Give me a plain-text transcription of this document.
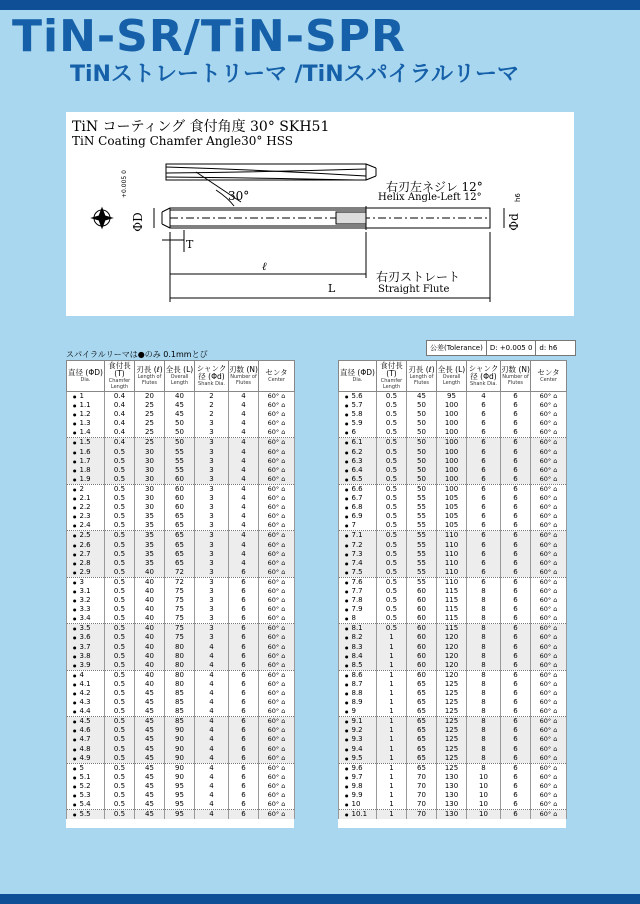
TiN-SR/TiN-SPR
TiNストレートリーマ /TiNスパイラルリーマ
ΦD
+0.005 0
Φd
h6
T
ℓ
L
30°
TiN コーティング 食付角度 30° SKH51
TiN Coating Chamfer Angle30° HSS
右刃左ネジレ 12°
Helix Angle-Left 12°
右刃ストレート
Straight Flute
スパイラルリーマは●のみ 0.1mmとび
公差(Tolerance)	D: +0.005 0	d: h6
直径 (ΦD)
Dia.	食付長 (T)
Chamfer Length	刃長 (ℓ)
Length of Flutes	全長 (L)
Overall Length	シャンク径 (Φd)
Shank Dia.	刃数 (N)
Number of Flutes	センタ
Center

● 1	0.4	20	40	2	4	60° ⌂
● 1.1	0.4	25	45	2	4	60° ⌂
● 1.2	0.4	25	45	2	4	60° ⌂
● 1.3	0.4	25	50	3	4	60° ⌂
● 1.4	0.4	25	50	3	4	60° ⌂
● 1.5	0.4	25	50	3	4	60° ⌂
● 1.6	0.5	30	55	3	4	60° ⌂
● 1.7	0.5	30	55	3	4	60° ⌂
● 1.8	0.5	30	55	3	4	60° ⌂
● 1.9	0.5	30	60	3	4	60° ⌂
● 2	0.5	30	60	3	4	60° ⌂
● 2.1	0.5	30	60	3	4	60° ⌂
● 2.2	0.5	30	60	3	4	60° ⌂
● 2.3	0.5	35	65	3	4	60° ⌂
● 2.4	0.5	35	65	3	4	60° ⌂
● 2.5	0.5	35	65	3	4	60° ⌂
● 2.6	0.5	35	65	3	4	60° ⌂
● 2.7	0.5	35	65	3	4	60° ⌂
● 2.8	0.5	35	65	3	4	60° ⌂
● 2.9	0.5	40	72	3	6	60° ⌂
● 3	0.5	40	72	3	6	60° ⌂
● 3.1	0.5	40	75	3	6	60° ⌂
● 3.2	0.5	40	75	3	6	60° ⌂
● 3.3	0.5	40	75	3	6	60° ⌂
● 3.4	0.5	40	75	3	6	60° ⌂
● 3.5	0.5	40	75	3	6	60° ⌂
● 3.6	0.5	40	75	3	6	60° ⌂
● 3.7	0.5	40	80	4	6	60° ⌂
● 3.8	0.5	40	80	4	6	60° ⌂
● 3.9	0.5	40	80	4	6	60° ⌂
● 4	0.5	40	80	4	6	60° ⌂
● 4.1	0.5	40	80	4	6	60° ⌂
● 4.2	0.5	45	85	4	6	60° ⌂
● 4.3	0.5	45	85	4	6	60° ⌂
● 4.4	0.5	45	85	4	6	60° ⌂
● 4.5	0.5	45	85	4	6	60° ⌂
● 4.6	0.5	45	90	4	6	60° ⌂
● 4.7	0.5	45	90	4	6	60° ⌂
● 4.8	0.5	45	90	4	6	60° ⌂
● 4.9	0.5	45	90	4	6	60° ⌂
● 5	0.5	45	90	4	6	60° ⌂
● 5.1	0.5	45	90	4	6	60° ⌂
● 5.2	0.5	45	95	4	6	60° ⌂
● 5.3	0.5	45	95	4	6	60° ⌂
● 5.4	0.5	45	95	4	6	60° ⌂
● 5.5	0.5	45	95	4	6	60° ⌂
直径 (ΦD)
Dia.	食付長 (T)
Chamfer Length	刃長 (ℓ)
Length of Flutes	全長 (L)
Overall Length	シャンク径 (Φd)
Shank Dia.	刃数 (N)
Number of Flutes	センタ
Center

● 5.6	0.5	45	95	4	6	60° ⌂
● 5.7	0.5	50	100	6	6	60° ⌂
● 5.8	0.5	50	100	6	6	60° ⌂
● 5.9	0.5	50	100	6	6	60° ⌂
● 6	0.5	50	100	6	6	60° ⌂
● 6.1	0.5	50	100	6	6	60° ⌂
● 6.2	0.5	50	100	6	6	60° ⌂
● 6.3	0.5	50	100	6	6	60° ⌂
● 6.4	0.5	50	100	6	6	60° ⌂
● 6.5	0.5	50	100	6	6	60° ⌂
● 6.6	0.5	50	100	6	6	60° ⌂
● 6.7	0.5	55	105	6	6	60° ⌂
● 6.8	0.5	55	105	6	6	60° ⌂
● 6.9	0.5	55	105	6	6	60° ⌂
● 7	0.5	55	105	6	6	60° ⌂
● 7.1	0.5	55	110	6	6	60° ⌂
● 7.2	0.5	55	110	6	6	60° ⌂
● 7.3	0.5	55	110	6	6	60° ⌂
● 7.4	0.5	55	110	6	6	60° ⌂
● 7.5	0.5	55	110	6	6	60° ⌂
● 7.6	0.5	55	110	6	6	60° ⌂
● 7.7	0.5	60	115	8	6	60° ⌂
● 7.8	0.5	60	115	8	6	60° ⌂
● 7.9	0.5	60	115	8	6	60° ⌂
● 8	0.5	60	115	8	6	60° ⌂
● 8.1	0.5	60	115	8	6	60° ⌂
● 8.2	1	60	120	8	6	60° ⌂
● 8.3	1	60	120	8	6	60° ⌂
● 8.4	1	60	120	8	6	60° ⌂
● 8.5	1	60	120	8	6	60° ⌂
● 8.6	1	60	120	8	6	60° ⌂
● 8.7	1	65	125	8	6	60° ⌂
● 8.8	1	65	125	8	6	60° ⌂
● 8.9	1	65	125	8	6	60° ⌂
● 9	1	65	125	8	6	60° ⌂
● 9.1	1	65	125	8	6	60° ⌂
● 9.2	1	65	125	8	6	60° ⌂
● 9.3	1	65	125	8	6	60° ⌂
● 9.4	1	65	125	8	6	60° ⌂
● 9.5	1	65	125	8	6	60° ⌂
● 9.6	1	65	125	8	6	60° ⌂
● 9.7	1	70	130	10	6	60° ⌂
● 9.8	1	70	130	10	6	60° ⌂
● 9.9	1	70	130	10	6	60° ⌂
● 10	1	70	130	10	6	60° ⌂
● 10.1	1	70	130	10	6	60° ⌂
